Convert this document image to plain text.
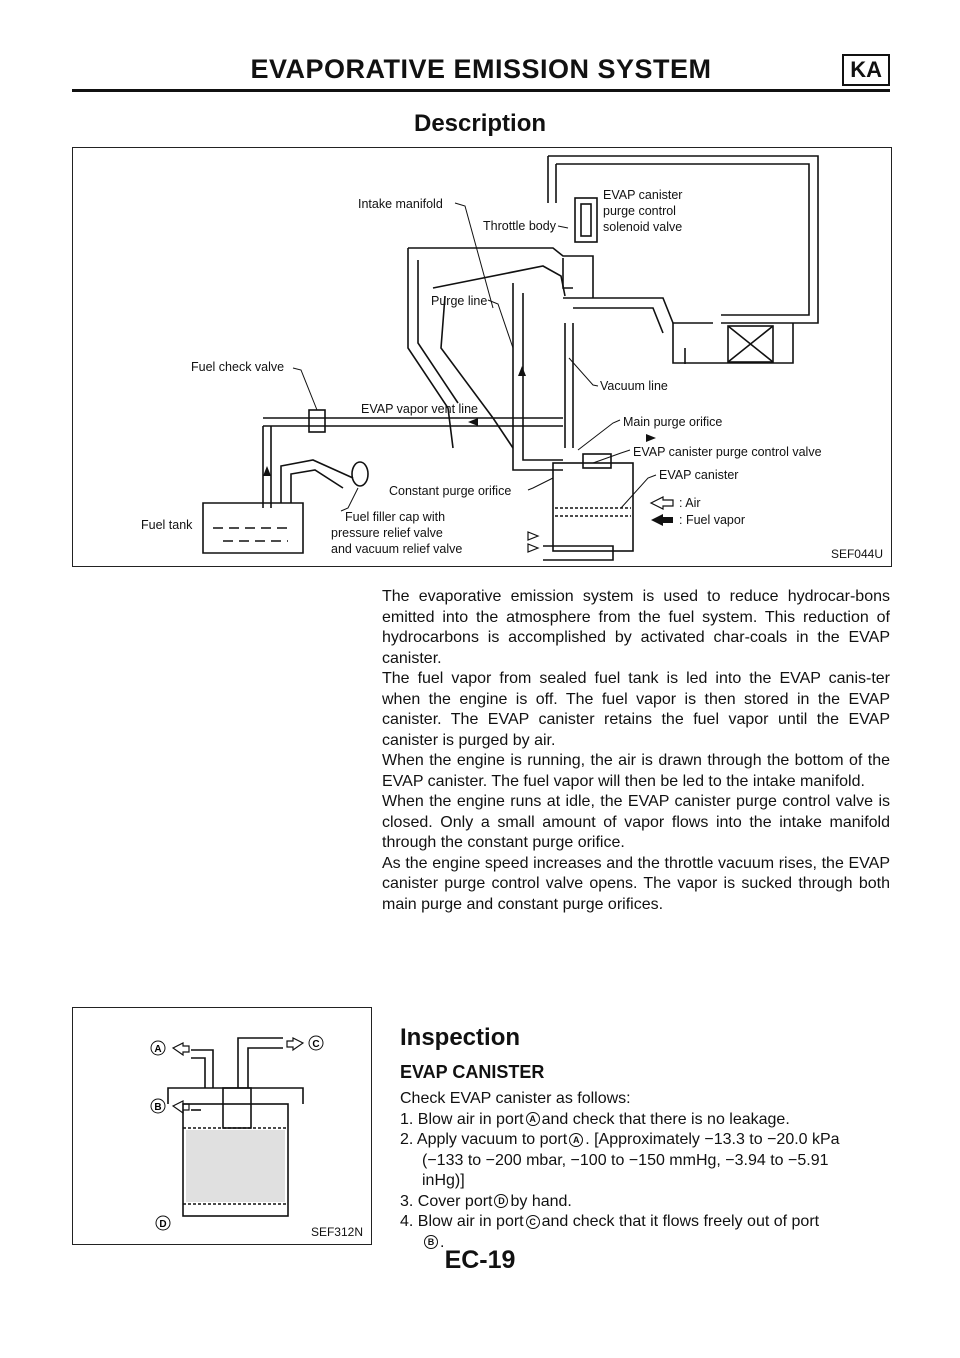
EVAPORATIVE EMISSION SYSTEM	KA
Description
Intake manifold
Throttle body
EVAP canister
purge control
solenoid valve
Purge line
Fuel check valve
Vacuum line
EVAP vapor vent line
Main purge orifice
EVAP canister purge control valve
EVAP canister
Constant purge orifice
Fuel tank
Fuel filler cap with
pressure relief valve
and vacuum relief valve
: Air
: Fuel vapor
SEF044U

The evaporative emission system is used to reduce hydrocar-bons emitted into the atmosphere from the fuel system. This reduction of hydrocarbons is accomplished by activated char-coals in the EVAP canister.

The fuel vapor from sealed fuel tank is led into the EVAP canis-ter when the engine is off. The fuel vapor is then stored in the EVAP canister. The EVAP canister retains the fuel vapor until the EVAP canister is purged by air.

When the engine is running, the air is drawn through the bottom of the EVAP canister. The fuel vapor will then be led to the intake manifold.

When the engine runs at idle, the EVAP canister purge control valve is closed. Only a small amount of vapor flows into the intake manifold through the constant purge orifice.

As the engine speed increases and the throttle vacuum rises, the EVAP canister purge control valve opens. The vapor is sucked through both main purge and constant purge orifices.

A
B
C
D
SEF312N
Inspection
EVAP CANISTER

Check EVAP canister as follows:

1. Blow air in port A and check that there is no leakage.

2. Apply vacuum to port A . [Approximately −13.3 to −20.0 kPa

(−133 to −200 mbar, −100 to −150 mmHg, −3.94 to −5.91

inHg)]

3. Cover port D by hand.

4. Blow air in port C and check that it flows freely out of port

B .

EC-19
